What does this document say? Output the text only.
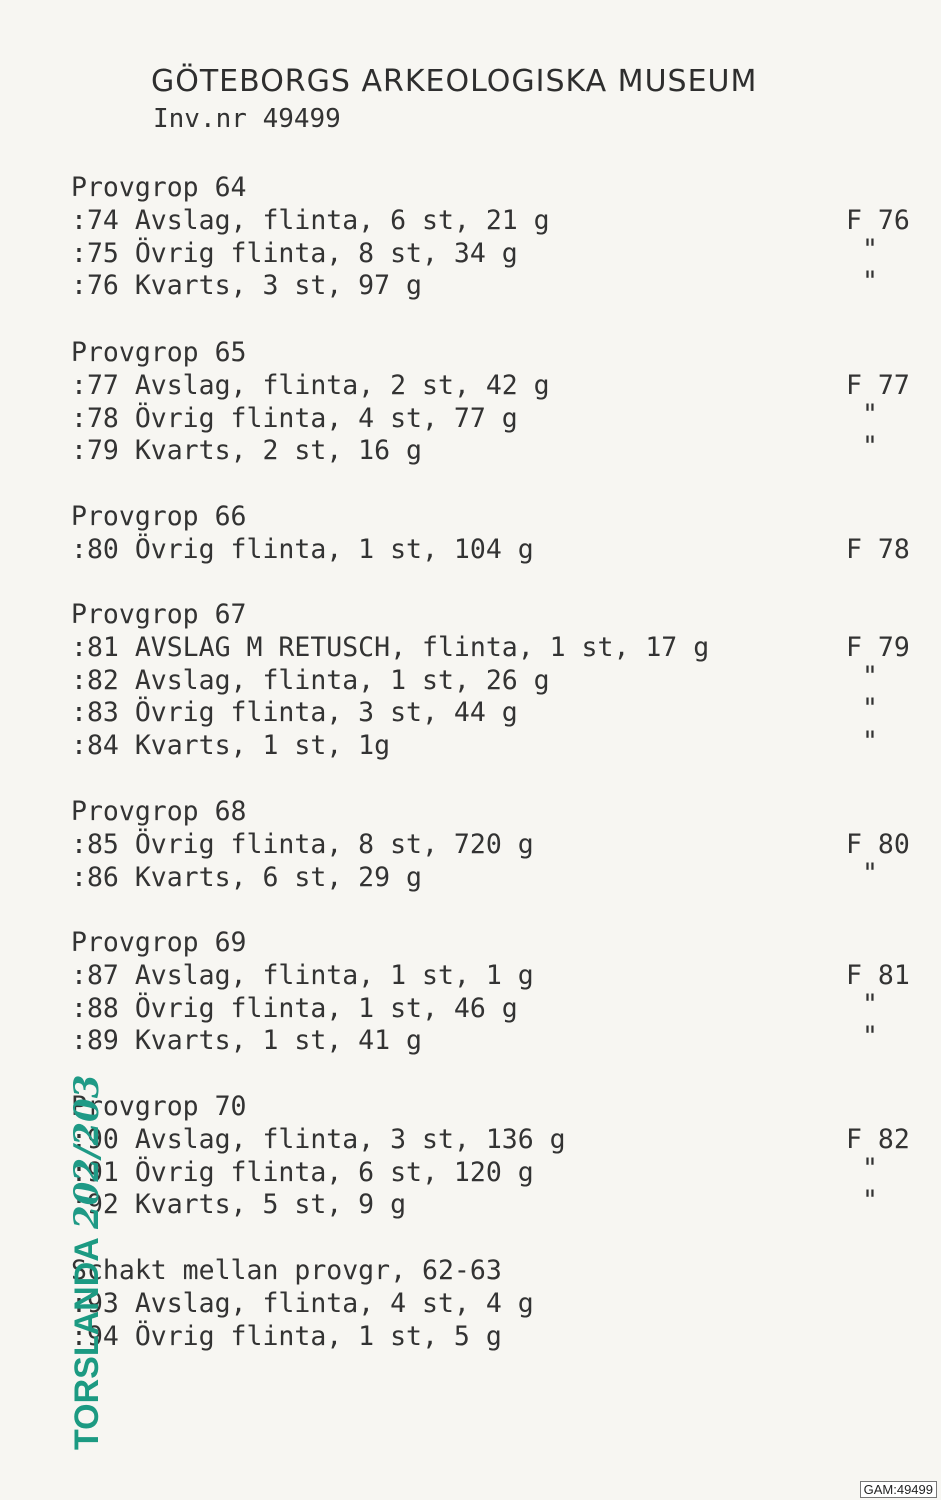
GÖTEBORGS ARKEOLOGISKA MUSEUM
Inv.nr 49499
Provgrop 64
:74 Avslag, flinta, 6 st, 21 g	F 76
:75 Övrig flinta, 8 st, 34 g	"
:76 Kvarts, 3 st, 97 g	"
Provgrop 65
:77 Avslag, flinta, 2 st, 42 g	F 77
:78 Övrig flinta, 4 st, 77 g	"
:79 Kvarts, 2 st, 16 g	"
Provgrop 66
:80 Övrig flinta, 1 st, 104 g	F 78
Provgrop 67
:81 AVSLAG M RETUSCH, flinta, 1 st, 17 g	F 79
:82 Avslag, flinta, 1 st, 26 g	"
:83 Övrig flinta, 3 st, 44 g	"
:84 Kvarts, 1 st, 1g	"
Provgrop 68
:85 Övrig flinta, 8 st, 720 g	F 80
:86 Kvarts, 6 st, 29 g	"
Provgrop 69
:87 Avslag, flinta, 1 st, 1 g	F 81
:88 Övrig flinta, 1 st, 46 g	"
:89 Kvarts, 1 st, 41 g	"
Provgrop 70
:90 Avslag, flinta, 3 st, 136 g	F 82
:91 Övrig flinta, 6 st, 120 g	"
:92 Kvarts, 5 st, 9 g	"
Schakt mellan provgr, 62-63
:93 Avslag, flinta, 4 st, 4 g
:94 Övrig flinta, 1 st, 5 g
TORSLANDA 202/203
GAM:49499
